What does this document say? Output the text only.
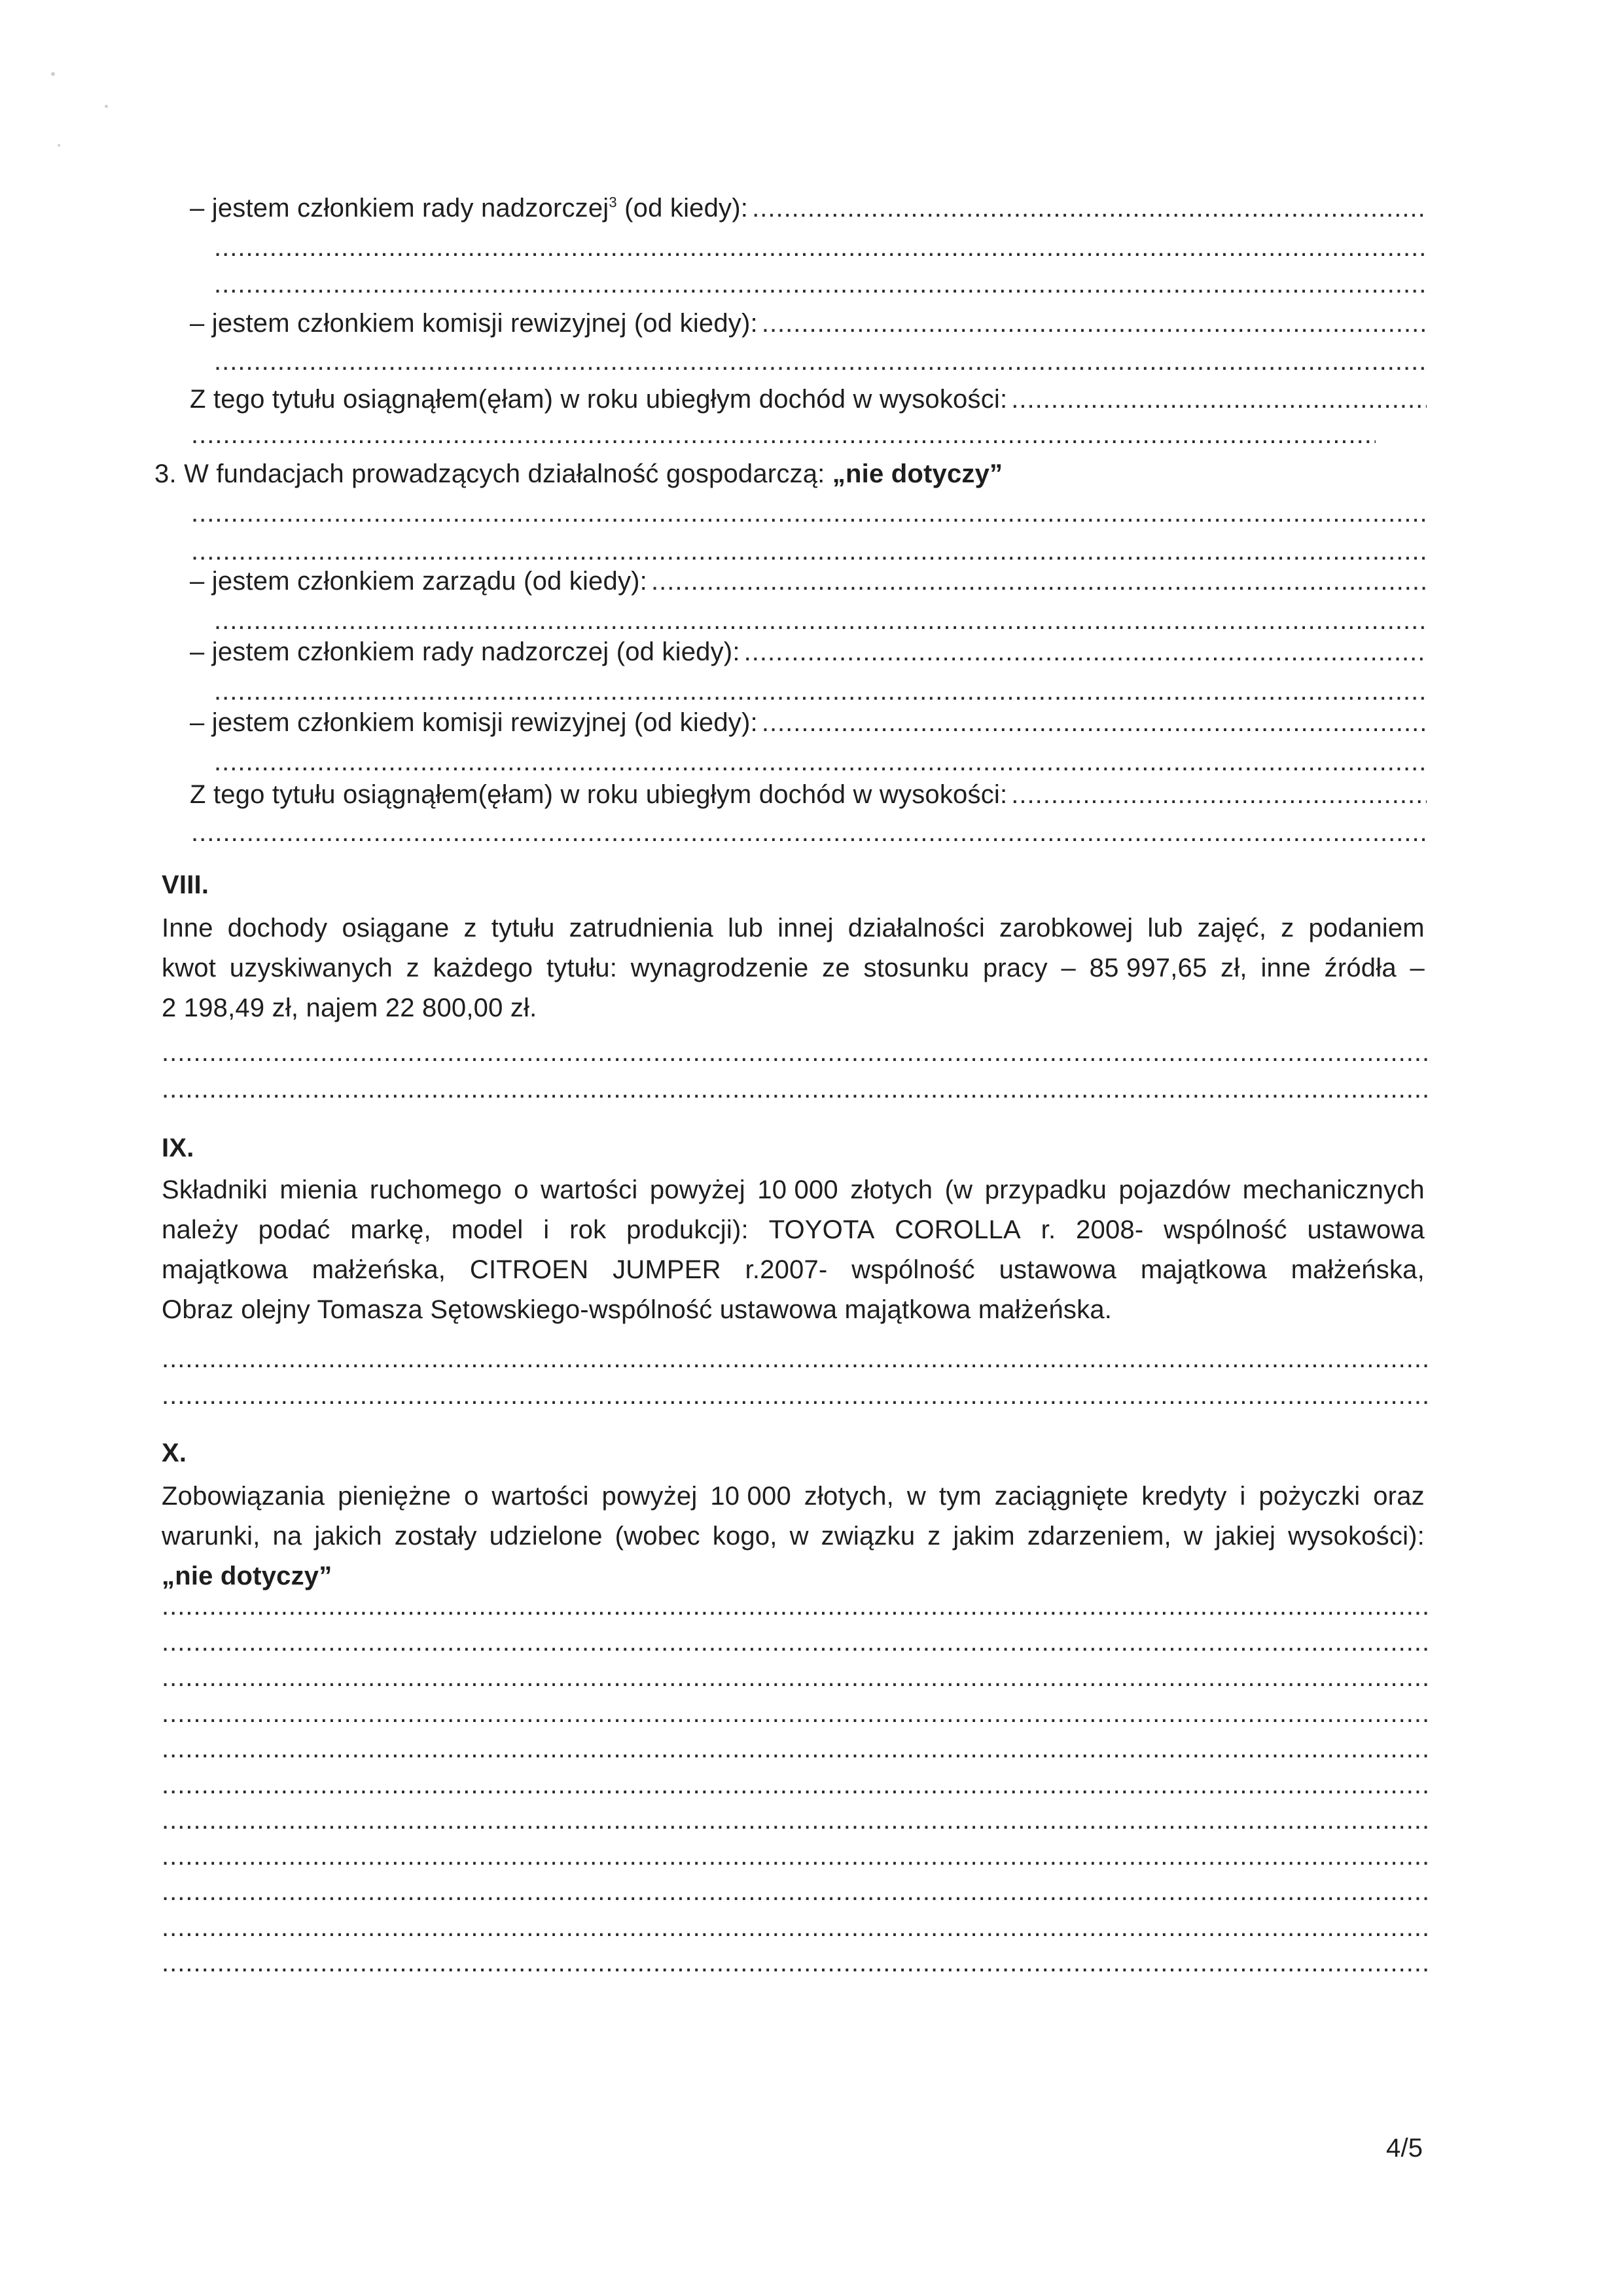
– jestem członkiem rady nadzorczej$^3$ (od kiedy):
.....
.....
.....
– jestem członkiem komisji rewizyjnej (od kiedy):
.....
.....
Z tego tytułu osiągnąłem(ęłam) w roku ubiegłym dochód w wysokości:
.....
.....
3. W fundacjach prowadzących działalność gospodarczą: „nie dotyczy”
.....
.....
– jestem członkiem zarządu (od kiedy):
.....
.....
– jestem członkiem rady nadzorczej (od kiedy):
.....
.....
– jestem członkiem komisji rewizyjnej (od kiedy):
.....
.....
Z tego tytułu osiągnąłem(ęłam) w roku ubiegłym dochód w wysokości:
.....
.....
VIII.
Inne dochody osiągane z tytułu zatrudnienia lub innej działalności zarobkowej lub zajęć, z podaniem
kwot uzyskiwanych z każdego tytułu: wynagrodzenie ze stosunku pracy – 85 997,65 zł, inne źródła –
2 198,49 zł, najem 22 800,00 zł.
.....
.....
IX.
Składniki mienia ruchomego o wartości powyżej 10 000 złotych (w przypadku pojazdów mechanicznych
należy podać markę, model i rok produkcji): TOYOTA COROLLA r. 2008- wspólność ustawowa
majątkowa małżeńska, CITROEN JUMPER r.2007- wspólność ustawowa majątkowa małżeńska,
Obraz olejny Tomasza Sętowskiego-wspólność ustawowa majątkowa małżeńska.
.....
.....
X.
Zobowiązania pieniężne o wartości powyżej 10 000 złotych, w tym zaciągnięte kredyty i pożyczki oraz
warunki, na jakich zostały udzielone (wobec kogo, w związku z jakim zdarzeniem, w jakiej wysokości):
„nie dotyczy”
.....
.....
.....
.....
.....
.....
.....
.....
.....
.....
.....
4/5
